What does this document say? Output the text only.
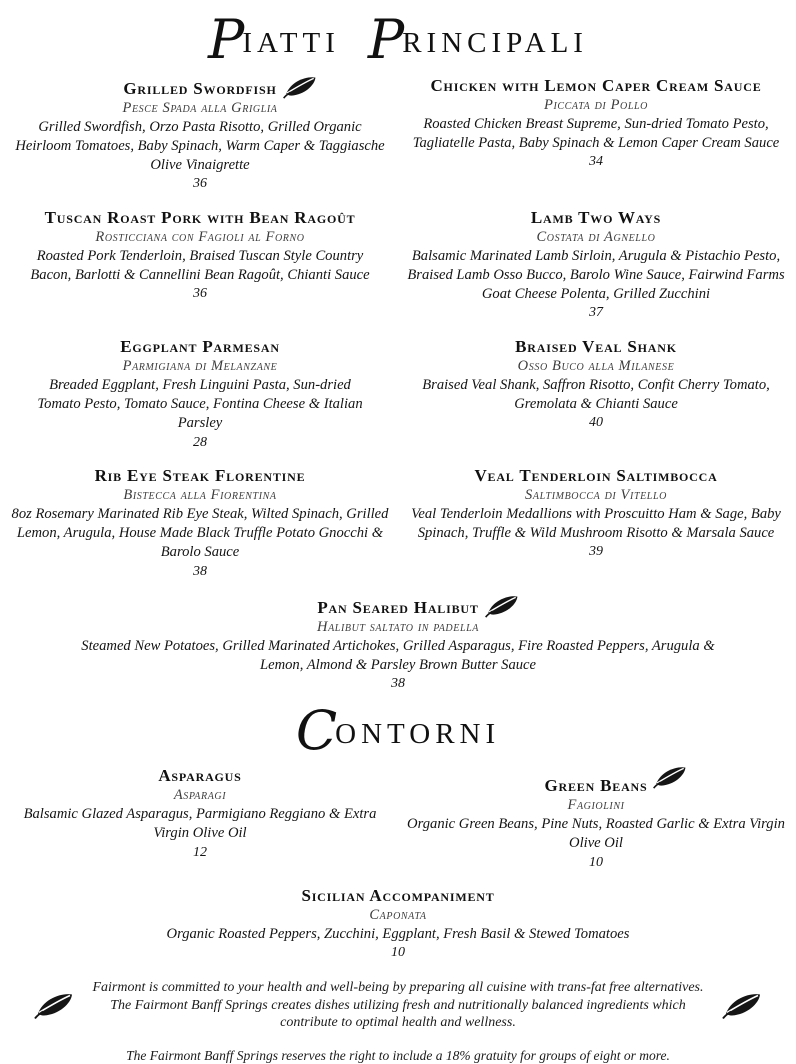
PIATTI PRINCIPALI
Grilled Swordfish
Pesce Spada alla Griglia
Grilled Swordfish, Orzo Pasta Risotto, Grilled Organic Heirloom Tomatoes, Baby Spinach, Warm Caper & Taggiasche Olive Vinaigrette
36
Chicken with Lemon Caper Cream Sauce
Piccata di Pollo
Roasted Chicken Breast Supreme, Sun-dried Tomato Pesto, Tagliatelle Pasta, Baby Spinach & Lemon Caper Cream Sauce
34
Tuscan Roast Pork with Bean Ragoût
Rosticciana con Fagioli al Forno
Roasted Pork Tenderloin, Braised Tuscan Style Country Bacon, Barlotti & Cannellini Bean Ragoût, Chianti Sauce
36
Lamb Two Ways
Costata di Agnello
Balsamic Marinated Lamb Sirloin, Arugula & Pistachio Pesto, Braised Lamb Osso Bucco, Barolo Wine Sauce, Fairwind Farms Goat Cheese Polenta, Grilled Zucchini
37
Eggplant Parmesan
Parmigiana di Melanzane
Breaded Eggplant, Fresh Linguini Pasta, Sun-dried Tomato Pesto, Tomato Sauce, Fontina Cheese & Italian Parsley
28
Braised Veal Shank
Osso Buco alla Milanese
Braised Veal Shank, Saffron Risotto, Confit Cherry Tomato, Gremolata & Chianti Sauce
40
Rib Eye Steak Florentine
Bistecca alla Fiorentina
8oz Rosemary Marinated Rib Eye Steak, Wilted Spinach, Grilled Lemon, Arugula, House Made Black Truffle Potato Gnocchi & Barolo Sauce
38
Veal Tenderloin Saltimbocca
Saltimbocca di Vitello
Veal Tenderloin Medallions with Proscuitto Ham & Sage, Baby Spinach, Truffle & Wild Mushroom Risotto & Marsala Sauce
39
Pan Seared Halibut
Halibut saltato in padella
Steamed New Potatoes, Grilled Marinated Artichokes, Grilled Asparagus, Fire Roasted Peppers, Arugula & Lemon, Almond & Parsley Brown Butter Sauce
38
CONTORNI
Asparagus
Asparagi
Balsamic Glazed Asparagus, Parmigiano Reggiano & Extra Virgin Olive Oil
12
Green Beans
Fagiolini
Organic Green Beans, Pine Nuts, Roasted Garlic & Extra Virgin Olive Oil
10
Sicilian Accompaniment
Caponata
Organic Roasted Peppers, Zucchini, Eggplant, Fresh Basil & Stewed Tomatoes
10
Fairmont is committed to your health and well-being by preparing all cuisine with trans-fat free alternatives. The Fairmont Banff Springs creates dishes utilizing fresh and nutritionally balanced ingredients which contribute to optimal health and wellness.
The Fairmont Banff Springs reserves the right to include a 18% gratuity for groups of eight or more.
